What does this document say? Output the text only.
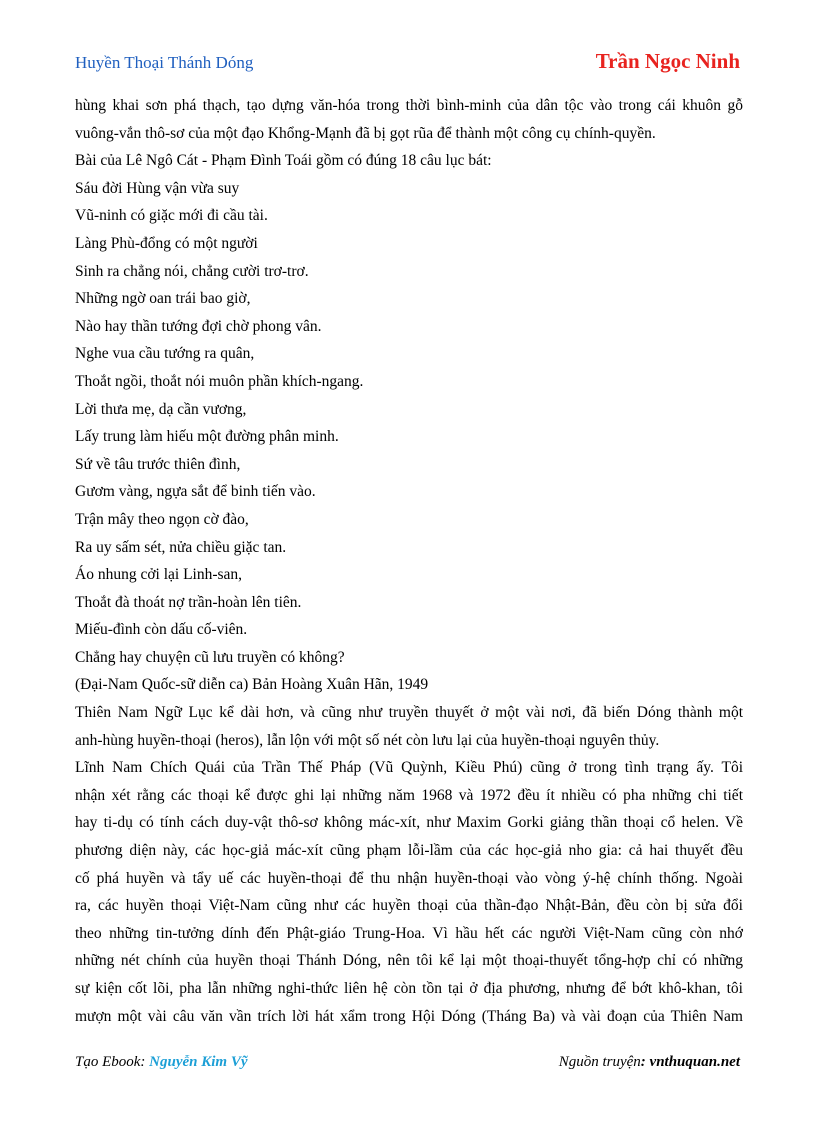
Huyền Thoại Thánh Dóng	Trần Ngọc Ninh
hùng khai sơn phá thạch, tạo dựng văn-hóa trong thời bình-minh của dân tộc vào trong cái khuôn gỗ
vuông-vắn thô-sơ của một đạo Khổng-Mạnh đã bị gọt rũa để thành một công cụ chính-quyền.
Bài của Lê Ngô Cát - Phạm Đình Toái gồm có đúng 18 câu lục bát:
Sáu đời Hùng vận vừa suy
Vũ-ninh có giặc mới đi cầu tài.
Làng Phù-đổng có một người
Sinh ra chẳng nói, chẳng cười trơ-trơ.
Những ngờ oan trái bao giờ,
Nào hay thần tướng đợi chờ phong vân.
Nghe vua cầu tướng ra quân,
Thoắt ngồi, thoắt nói muôn phần khích-ngang.
Lời thưa mẹ, dạ cần vương,
Lấy trung làm hiếu một đường phân minh.
Sứ về tâu trước thiên đình,
Gươm vàng, ngựa sắt để binh tiến vào.
Trận mây theo ngọn cờ đào,
Ra uy sấm sét, nửa chiều giặc tan.
Áo nhung cởi lại Linh-san,
Thoắt đà thoát nợ trần-hoàn lên tiên.
Miếu-đình còn dấu cố-viên.
Chẳng hay chuyện cũ lưu truyền có không?
(Đại-Nam Quốc-sữ diễn ca) Bản Hoàng Xuân Hãn, 1949
Thiên Nam Ngữ Lục kể dài hơn, và cũng như truyền thuyết ở một vài nơi, đã biến Dóng thành một
anh-hùng huyền-thoại (heros), lẫn lộn với một số nét còn lưu lại của huyền-thoại nguyên thủy.
Lĩnh Nam Chích Quái của Trần Thế Pháp (Vũ Quỳnh, Kiều Phú) cũng ở trong tình trạng ấy. Tôi
nhận xét rằng các thoại kể được ghi lại những năm 1968 và 1972 đều ít nhiều có pha những chi tiết
hay ti-dụ có tính cách duy-vật thô-sơ không mác-xít, như Maxim Gorki giảng thần thoại cổ helen. Về
phương diện này, các học-giả mác-xít cũng phạm lỗi-lầm của các học-giả nho gia: cả hai thuyết đều
cố phá huyền và tẩy uế các huyền-thoại để thu nhận huyền-thoại vào vòng ý-hệ chính thống. Ngoài
ra, các huyền thoại Việt-Nam cũng như các huyền thoại của thần-đạo Nhật-Bản, đều còn bị sửa đổi
theo những tin-tưởng dính đến Phật-giáo Trung-Hoa. Vì hầu hết các người Việt-Nam cũng còn nhớ
những nét chính của huyền thoại Thánh Dóng, nên tôi kể lại một thoại-thuyết tổng-hợp chỉ có những
sự kiện cốt lõi, pha lẫn những nghi-thức liên hệ còn tồn tại ở địa phương, nhưng để bớt khô-khan, tôi
mượn một vài câu văn vần trích lời hát xẩm trong Hội Dóng (Tháng Ba) và vài đoạn của Thiên Nam
Tạo Ebook: Nguyễn Kim Vỹ	Nguồn truyện: vnthuquan.net
